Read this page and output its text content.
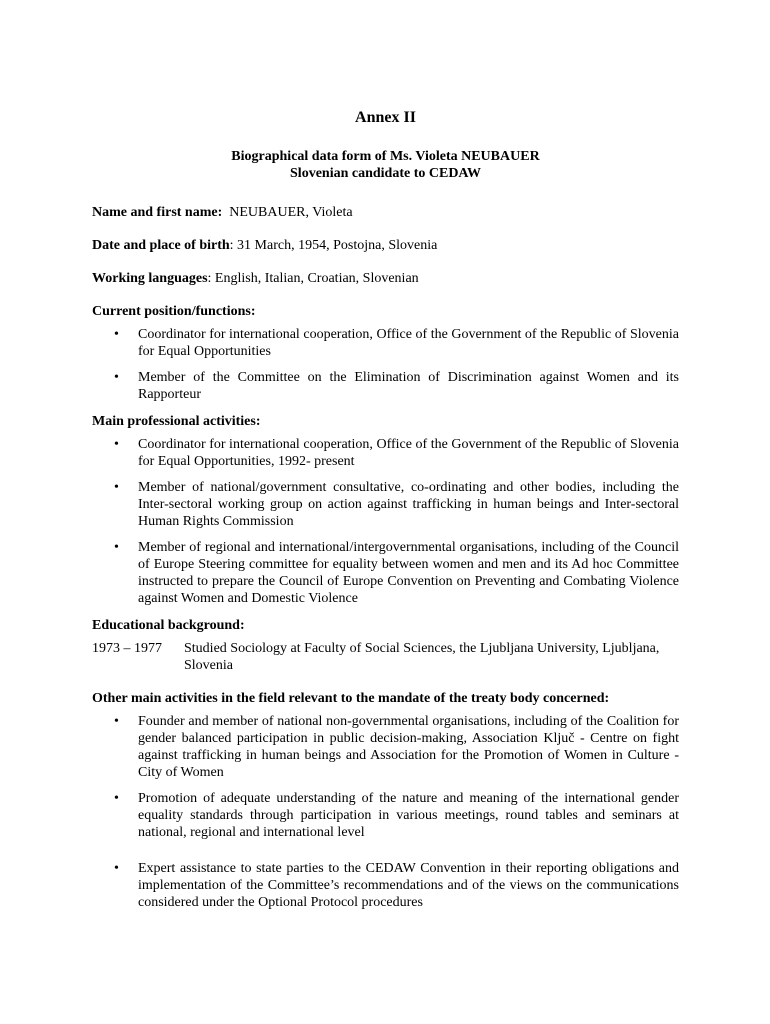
Annex II
Biographical data form of Ms. Violeta NEUBAUER
Slovenian candidate to CEDAW
Name and first name:  NEUBAUER, Violeta
Date and place of birth: 31 March, 1954, Postojna, Slovenia
Working languages: English, Italian, Croatian, Slovenian
Current position/functions:
• Coordinator for international cooperation, Office of the Government of the Republic of Slovenia for Equal Opportunities
• Member of the Committee on the Elimination of Discrimination against Women and its Rapporteur
Main professional activities:
• Coordinator for international cooperation, Office of the Government of the Republic of Slovenia for Equal Opportunities, 1992- present
• Member of national/government consultative, co-ordinating and other bodies, including the Inter-sectoral working group on action against trafficking in human beings and Inter-sectoral Human Rights Commission
• Member of regional and international/intergovernmental organisations, including of the Council of Europe Steering committee for equality between women and men and its Ad hoc Committee instructed to prepare the Council of Europe Convention on Preventing and Combating Violence against Women and Domestic Violence
Educational background:
1973 – 1977	Studied Sociology at Faculty of Social Sciences, the Ljubljana University, Ljubljana, Slovenia
Other main activities in the field relevant to the mandate of the treaty body concerned:
• Founder and member of national non-governmental organisations, including of the Coalition for gender balanced participation in public decision-making, Association Ključ - Centre on fight against trafficking in human beings and Association for the Promotion of Women in Culture - City of Women
• Promotion of adequate understanding of the nature and meaning of the international gender equality standards through participation in various meetings, round tables and seminars at national, regional and international level
• Expert assistance to state parties to the CEDAW Convention in their reporting obligations and implementation of the Committee’s recommendations and of the views on the communications considered under the Optional Protocol procedures
